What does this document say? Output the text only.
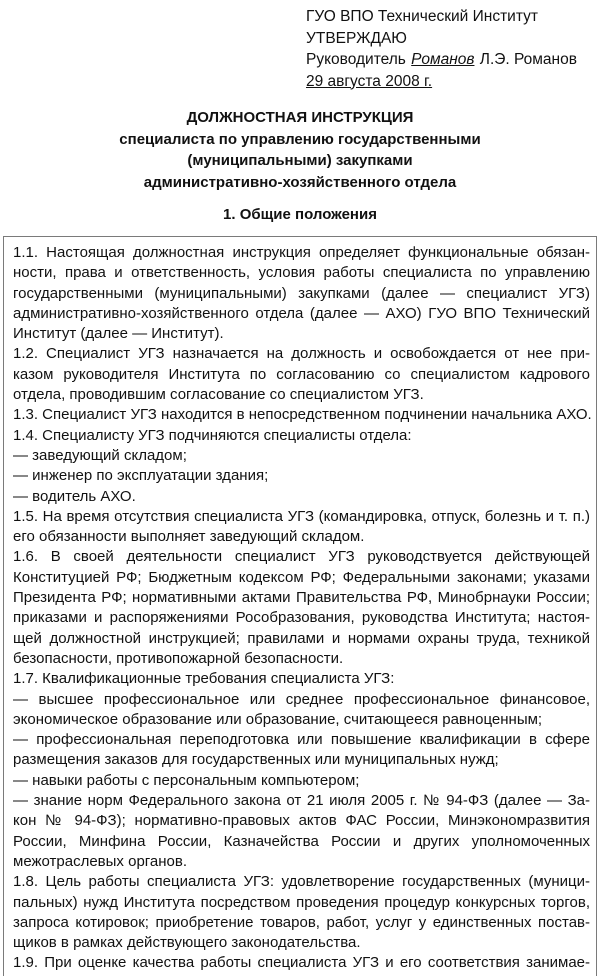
ГУО ВПО Технический Институт
УТВЕРЖДАЮ
Руководитель Романов Л.Э. Романов
29 августа 2008 г.
ДОЛЖНОСТНАЯ ИНСТРУКЦИЯ
специалиста по управлению государственными
(муниципальными) закупками
административно-хозяйственного отдела
1. Общие положения
1.1. Настоящая должностная инструкция определяет функциональные обязан-
ности, права и ответственность, условия работы специалиста по управлению
государственными (муниципальными) закупками (далее — специалист УГЗ)
административно-хозяйственного отдела (далее — АХО) ГУО ВПО Технический
Институт (далее — Институт).
1.2. Специалист УГЗ назначается на должность и освобождается от нее при-
казом руководителя Института по согласованию со специалистом кадрового
отдела, проводившим согласование со специалистом УГЗ.
1.3. Специалист УГЗ находится в непосредственном подчинении начальника АХО.
1.4. Специалисту УГЗ подчиняются специалисты отдела:
— заведующий складом;
— инженер по эксплуатации здания;
— водитель АХО.
1.5. На время отсутствия специалиста УГЗ (командировка, отпуск, болезнь и т. п.)
его обязанности выполняет заведующий складом.
1.6. В своей деятельности специалист УГЗ руководствуется действующей
Конституцией РФ; Бюджетным кодексом РФ; Федеральными законами; указами
Президента РФ; нормативными актами Правительства РФ, Минобрнауки России;
приказами и распоряжениями Рособразования, руководства Института; настоя-
щей должностной инструкцией; правилами и нормами охраны труда, техникой
безопасности, противопожарной безопасности.
1.7. Квалификационные требования специалиста УГЗ:
— высшее профессиональное или среднее профессиональное финансовое,
экономическое образование или образование, считающееся равноценным;
— профессиональная переподготовка или повышение квалификации в сфере
размещения заказов для государственных или муниципальных нужд;
— навыки работы с персональным компьютером;
— знание норм Федерального закона от 21 июля 2005 г. № 94-ФЗ (далее — За-
кон № 94-ФЗ); нормативно-правовых актов ФАС России, Минэкономразвития
России, Минфина России, Казначейства России и других уполномоченных
межотраслевых органов.
1.8. Цель работы специалиста УГЗ: удовлетворение государственных (муници-
пальных) нужд Института посредством проведения процедур конкурсных торгов,
запроса котировок; приобретение товаров, работ, услуг у единственных постав-
щиков в рамках действующего законодательства.
1.9. При оценке качества работы специалиста УГЗ и его соответствия занимае-
